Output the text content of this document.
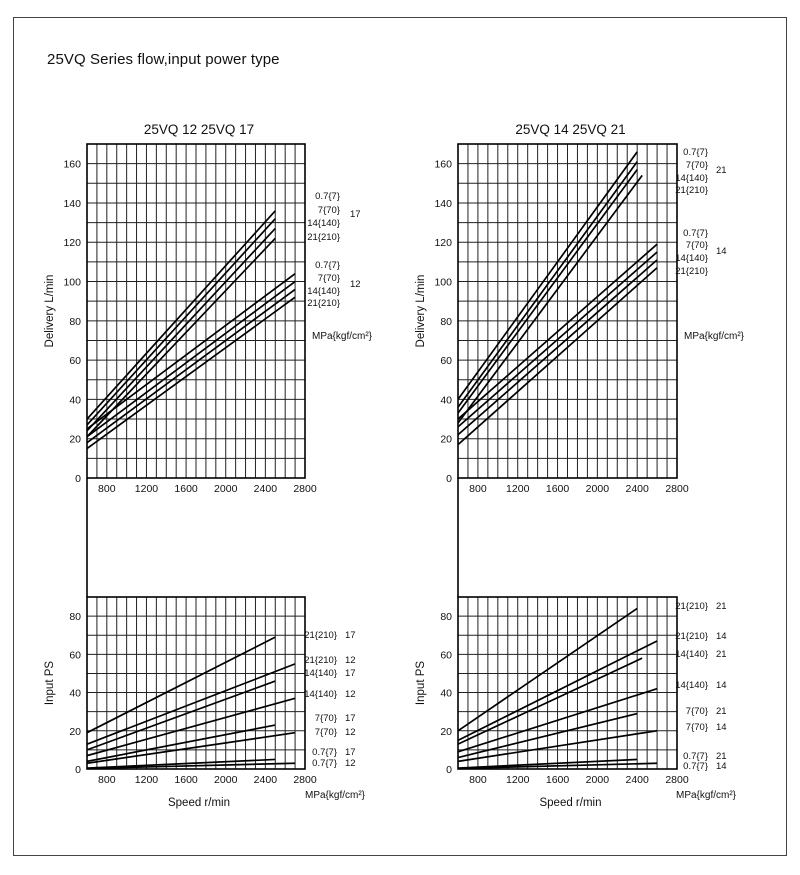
25VQ Series flow,input power type
25VQ 12 25VQ 17
800 1200 1600 2000 2400 2800
0
20
40
60
80
100
120
140
160
Delivery L/min	MPa{kgf/cm²}
0.7{7}
7{70}
14{140}
21{210}
0.7{7}
7{70}
14{140}
21{210}
17
12
25VQ 14 25VQ 21
800 1200 1600 2000 2400 2800
0
20
40
60
80
100
120
140
160
Delivery L/min	MPa{kgf/cm²}
0.7{7}
7{70}
14{140}
21{210}
0.7{7}
7{70}
14{140}
21{210}
21
14
800 1200 1600 2000 2400 2800
0
20
40
60
80
Input PS
Speed r/min
MPa{kgf/cm²}
21{210} 17
21{210} 12
14{140} 17
14{140} 12
7{70} 17
7{70} 12
0.7{7} 17
0.7{7} 12
800 1200 1600 2000 2400 2800
0
20
40
60
80
Input PS
Speed r/min
MPa{kgf/cm²}
21{210} 21
21{210} 14
14{140} 21
14{140} 14
7{70} 21
7{70} 14
0.7{7} 21
0.7{7} 14
